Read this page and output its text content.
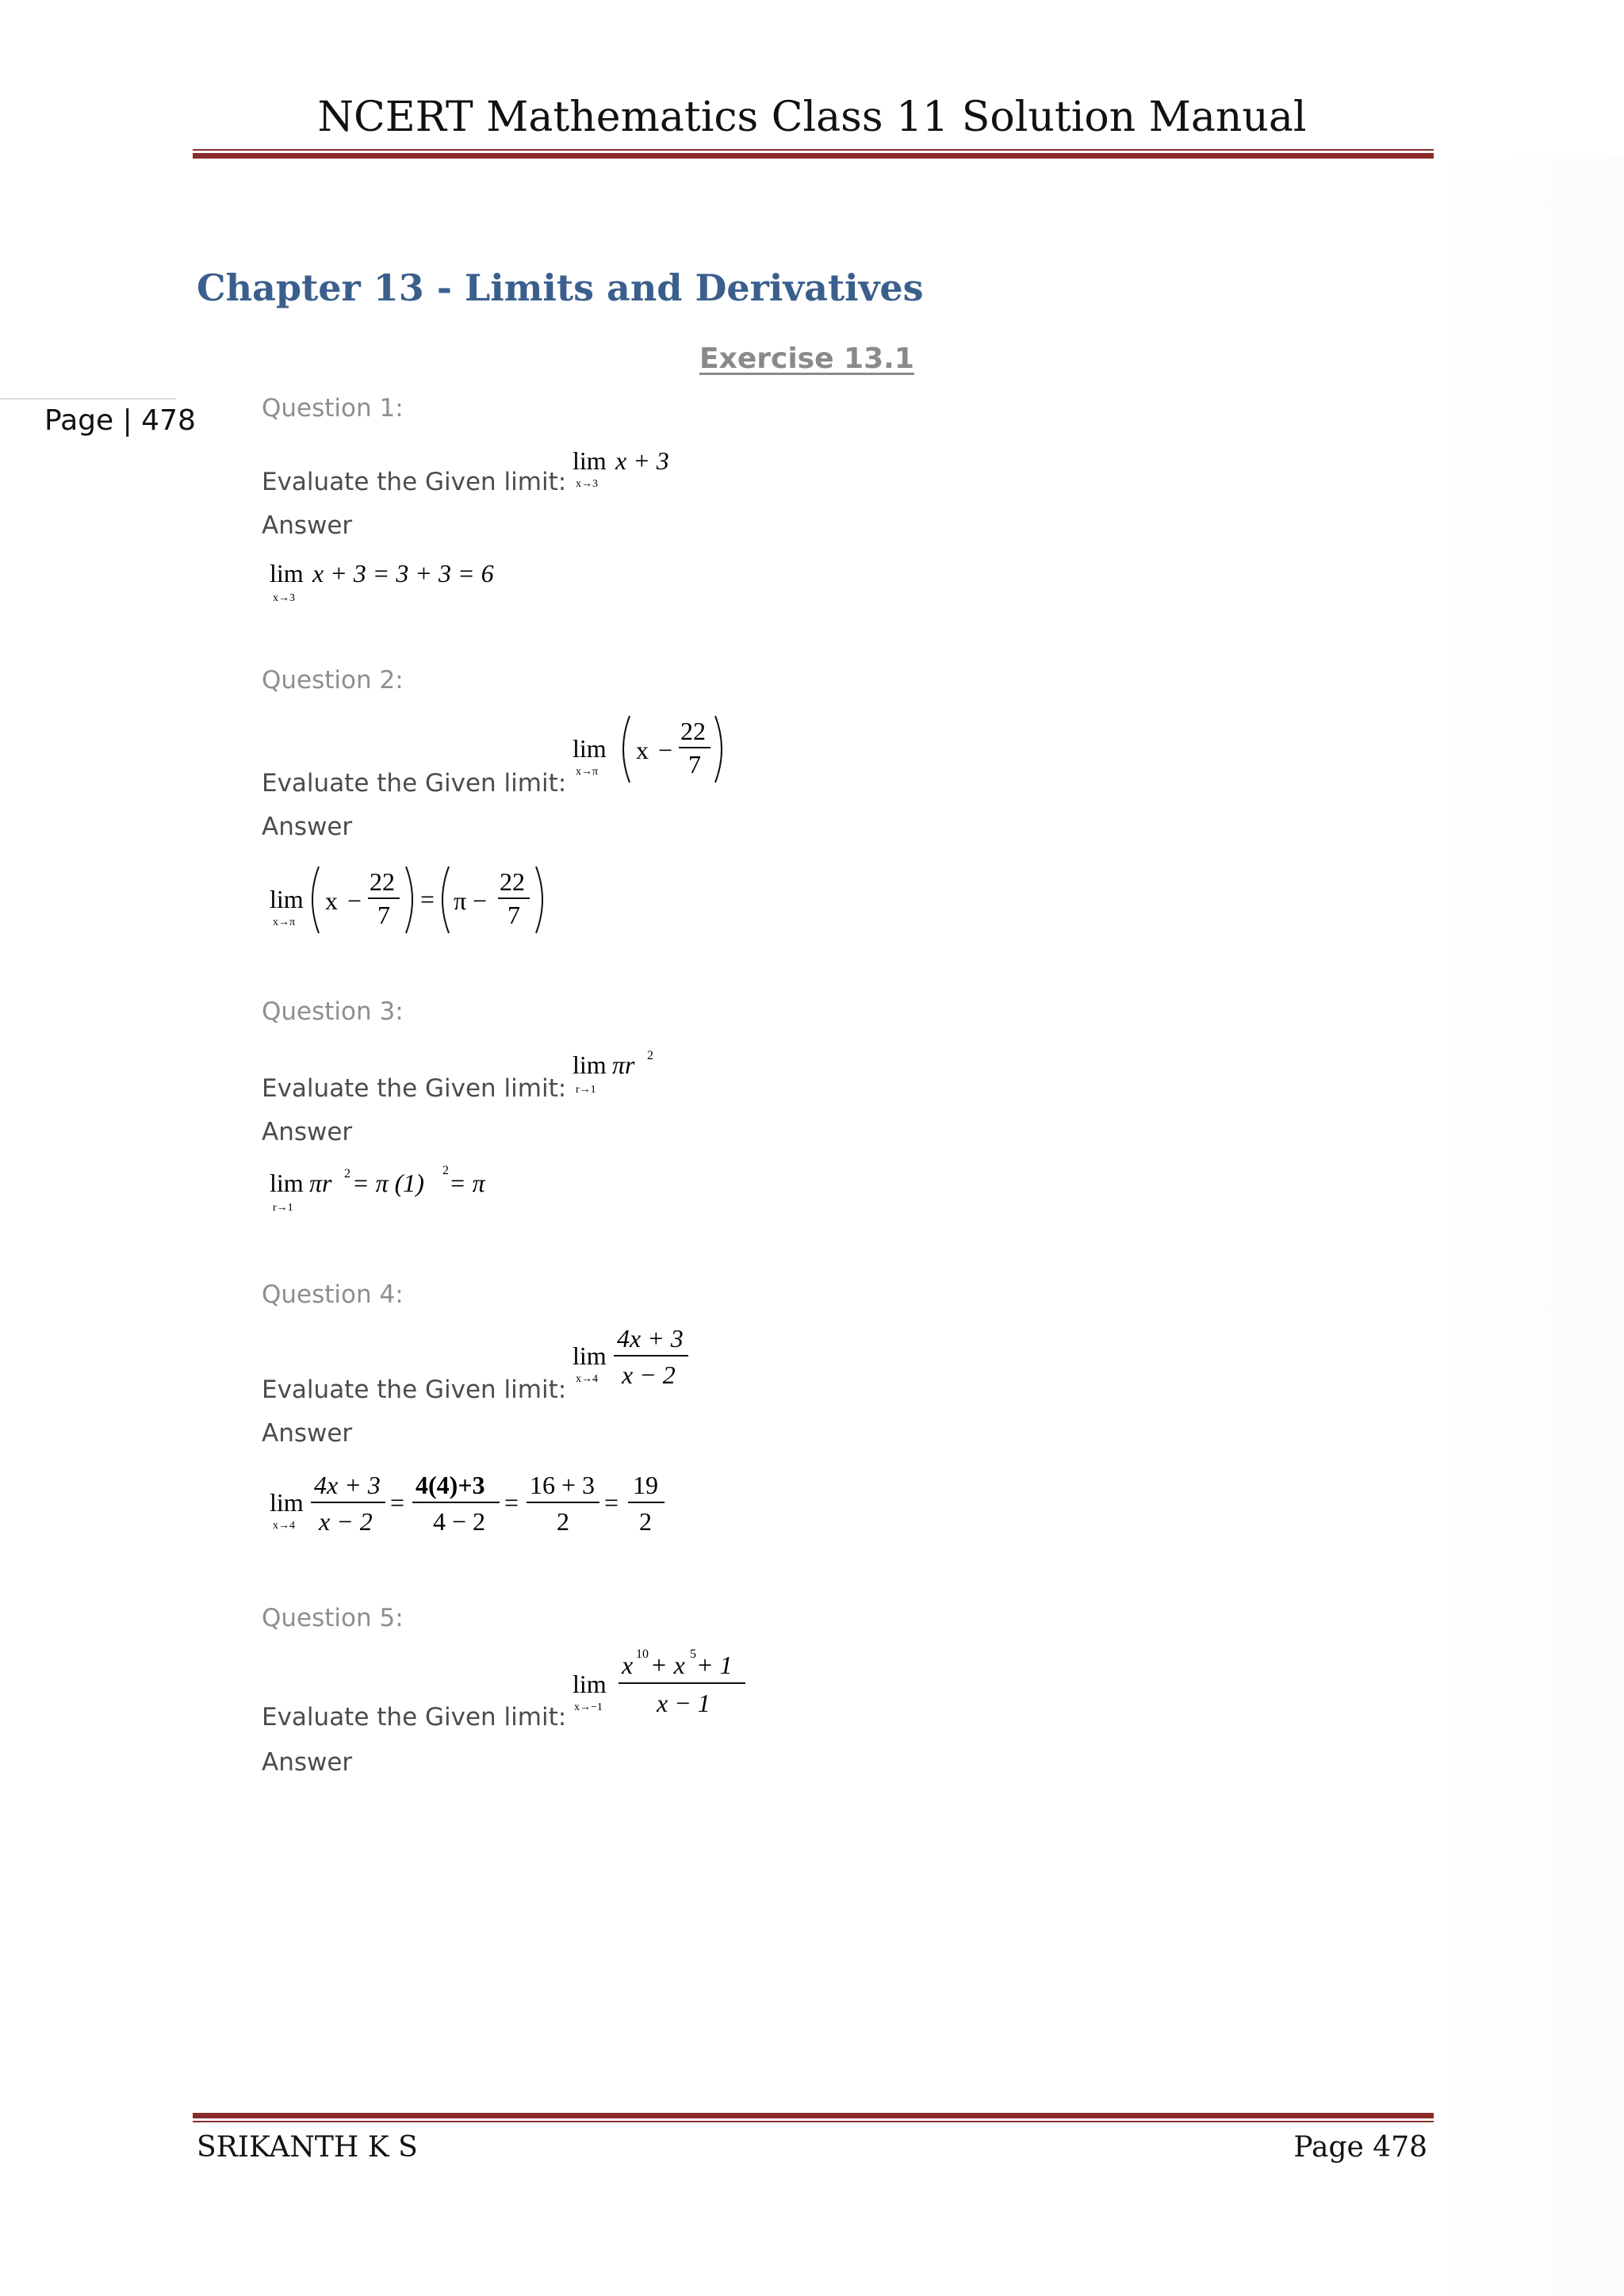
NCERT Mathematics Class 11 Solution Manual
Chapter 13 - Limits and Derivatives
Page | 478
Exercise 13.1
Question 1:
Evaluate the Given limit:
lim
x→3
x + 3
Answer
lim
x→3
x + 3 = 3 + 3 = 6
Question 2:
Evaluate the Given limit:
lim
x→π
x −
22
7
Answer
lim
x→π
x −
22
7
= π −
22
7
Question 3:
Evaluate the Given limit:
lim
r→1
πr 2
Answer
lim
r→1
πr 2 = π (1) 2 = π
Question 4:
Evaluate the Given limit:
lim
x→4
4x + 3
x − 2
Answer
lim
x→4
4x + 3
x − 2
=
4(4)+3
4 − 2
=
16 + 3
2
=
19
2
Question 5:
Evaluate the Given limit:
lim
x→−1
x 10 + x 5 + 1
x − 1
Answer
SRIKANTH K S	Page 478
